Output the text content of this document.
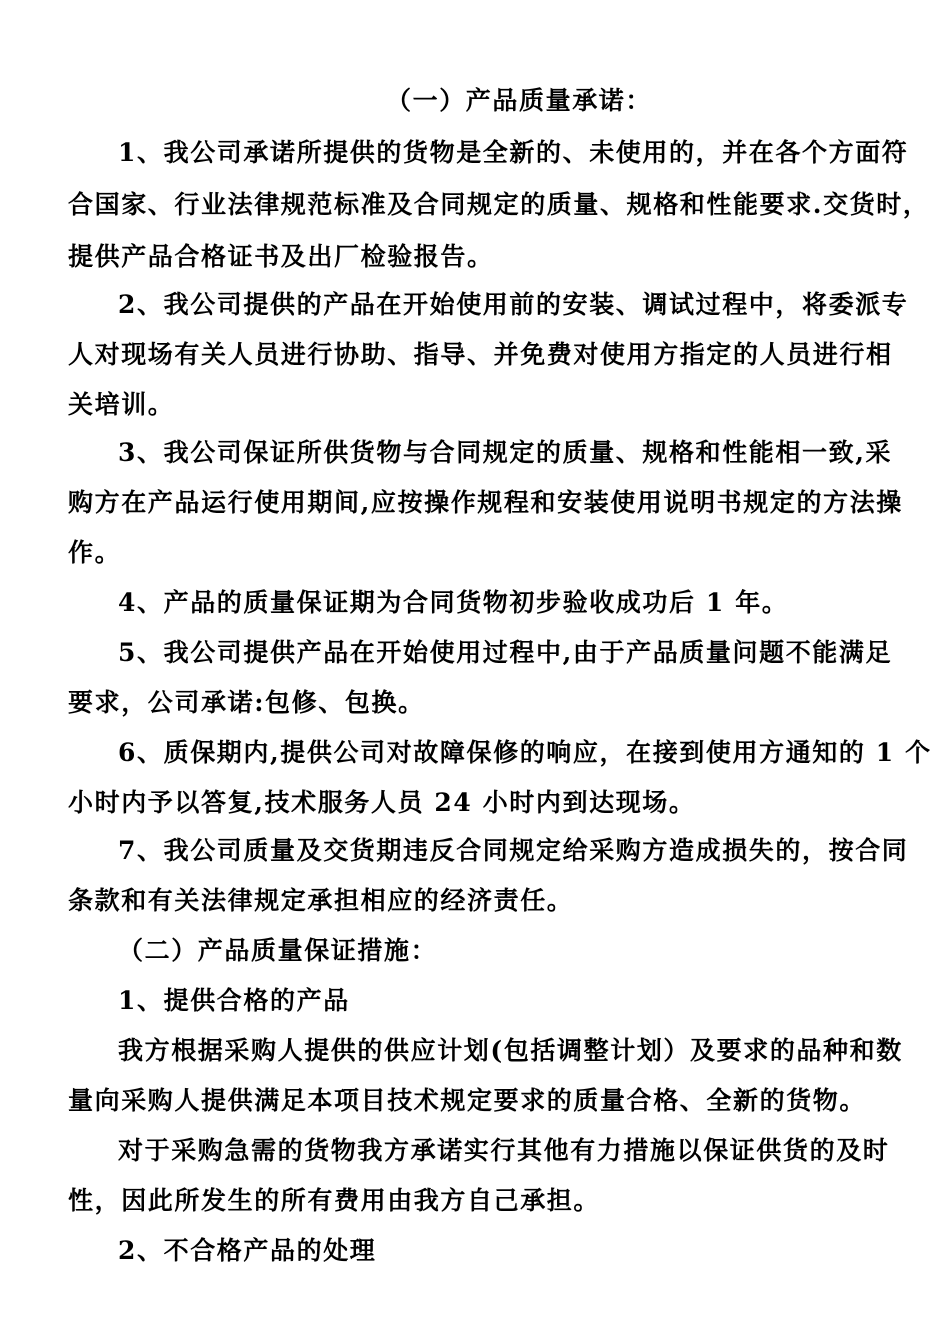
（一）产品质量承诺：
1、我公司承诺所提供的货物是全新的、未使用的，并在各个方面符
合国家、行业法律规范标准及合同规定的质量、规格和性能要求.交货时，
提供产品合格证书及出厂检验报告。
2、我公司提供的产品在开始使用前的安装、调试过程中，将委派专
人对现场有关人员进行协助、指导、并免费对使用方指定的人员进行相
关培训。
3、我公司保证所供货物与合同规定的质量、规格和性能相一致,采
购方在产品运行使用期间,应按操作规程和安装使用说明书规定的方法操
作。
4、产品的质量保证期为合同货物初步验收成功后 1 年。
5、我公司提供产品在开始使用过程中,由于产品质量问题不能满足
要求，公司承诺:包修、包换。
6、质保期内,提供公司对故障保修的响应，在接到使用方通知的 1 个
小时内予以答复,技术服务人员 24 小时内到达现场。
7、我公司质量及交货期违反合同规定给采购方造成损失的，按合同
条款和有关法律规定承担相应的经济责任。
（二）产品质量保证措施：
1、提供合格的产品
我方根据采购人提供的供应计划(包括调整计划）及要求的品种和数
量向采购人提供满足本项目技术规定要求的质量合格、全新的货物。
对于采购急需的货物我方承诺实行其他有力措施以保证供货的及时
性，因此所发生的所有费用由我方自己承担。
2、不合格产品的处理
